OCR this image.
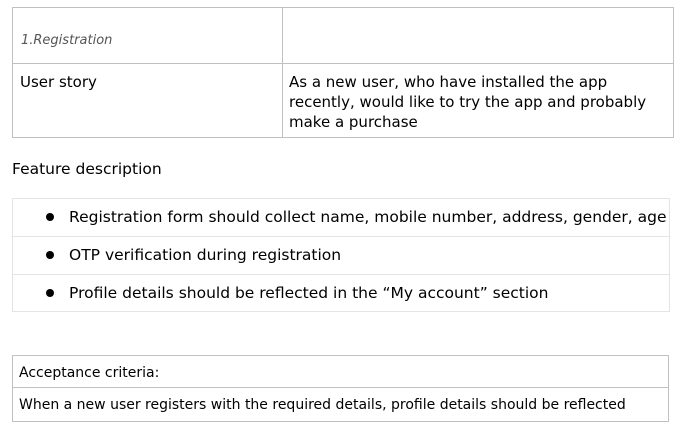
1.Registration
User story	As a new user, who have installed the app recently, would like to try the app and probably make a purchase
Feature description
Registration form should collect name, mobile number, address, gender, age
OTP verification during registration
Profile details should be reflected in the “My account” section
Acceptance criteria:
When a new user registers with the required details, profile details should be reflected
